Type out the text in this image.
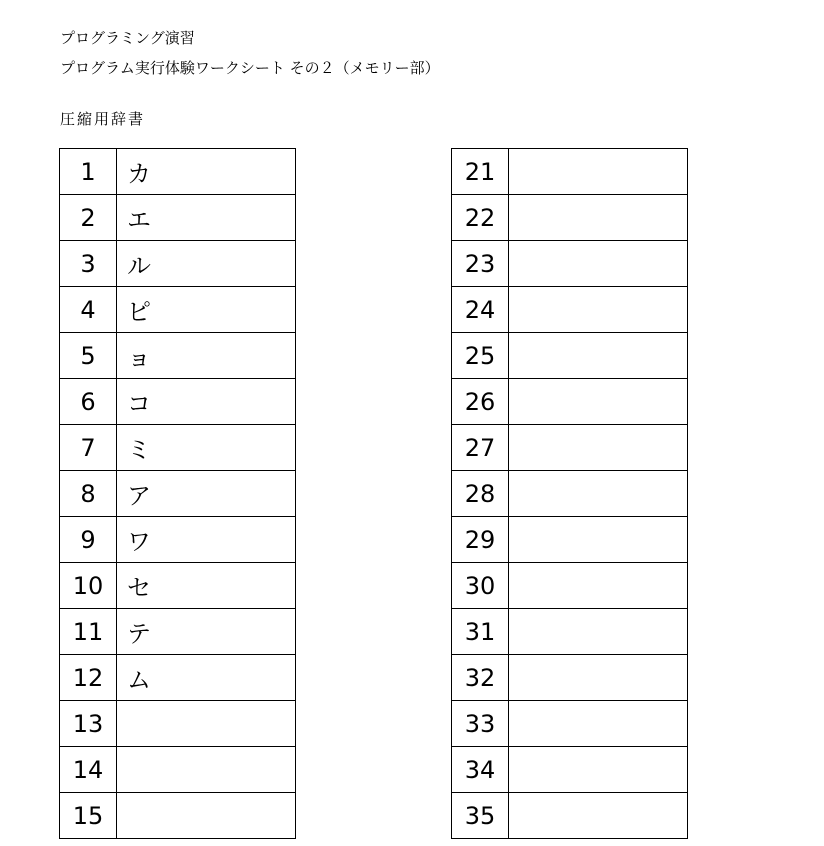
プログラミング演習
プログラム実行体験ワークシート その２（メモリー部）
圧縮用辞書
1	カ
2	エ
3	ル
4	ピ
5	ョ
6	コ
7	ミ
8	ア
9	ワ
10	セ
11	テ
12	ム
13	
14	
15	
21	
22	
23	
24	
25	
26	
27	
28	
29	
30	
31	
32	
33	
34	
35	
